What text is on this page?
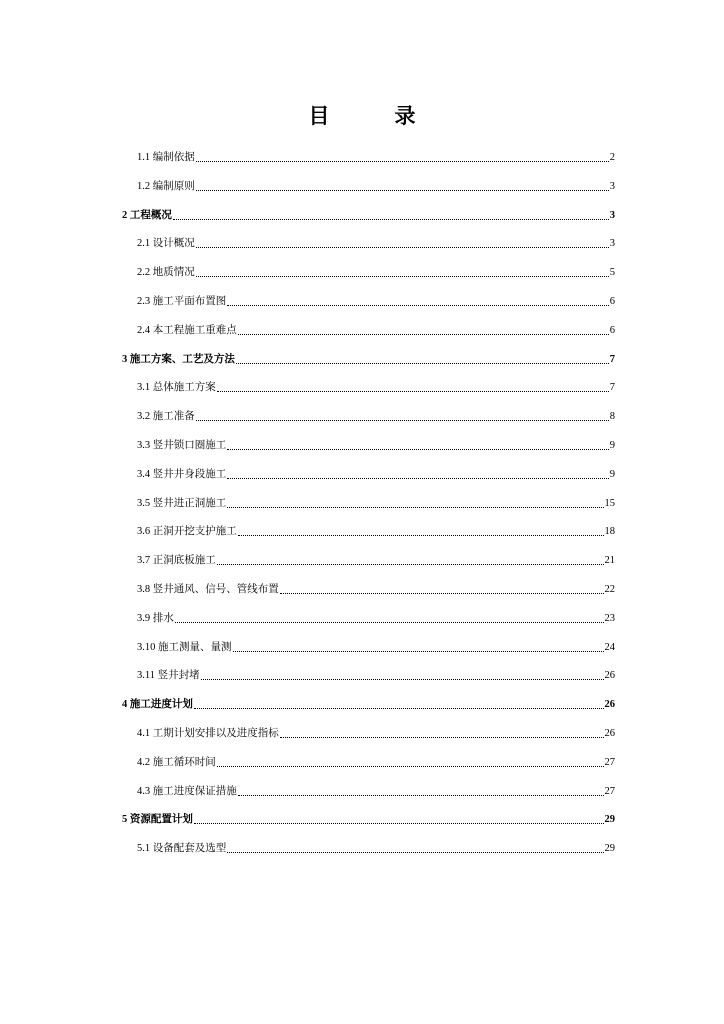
目　录
1.1 编制依据	2
1.2 编制原则	3
2 工程概况	3
2.1 设计概况	3
2.2 地质情况	5
2.3 施工平面布置图	6
2.4 本工程施工重难点	6
3 施工方案、工艺及方法	7
3.1 总体施工方案	7
3.2 施工准备	8
3.3 竖井锁口圈施工	9
3.4 竖井井身段施工	9
3.5 竖井进正洞施工	15
3.6 正洞开挖支护施工	18
3.7 正洞底板施工	21
3.8 竖井通风、信号、管线布置	22
3.9 排水	23
3.10 施工测量、量测	24
3.11 竖井封堵	26
4 施工进度计划	26
4.1 工期计划安排以及进度指标	26
4.2 施工循环时间	27
4.3 施工进度保证措施	27
5 资源配置计划	29
5.1 设备配套及选型	29
